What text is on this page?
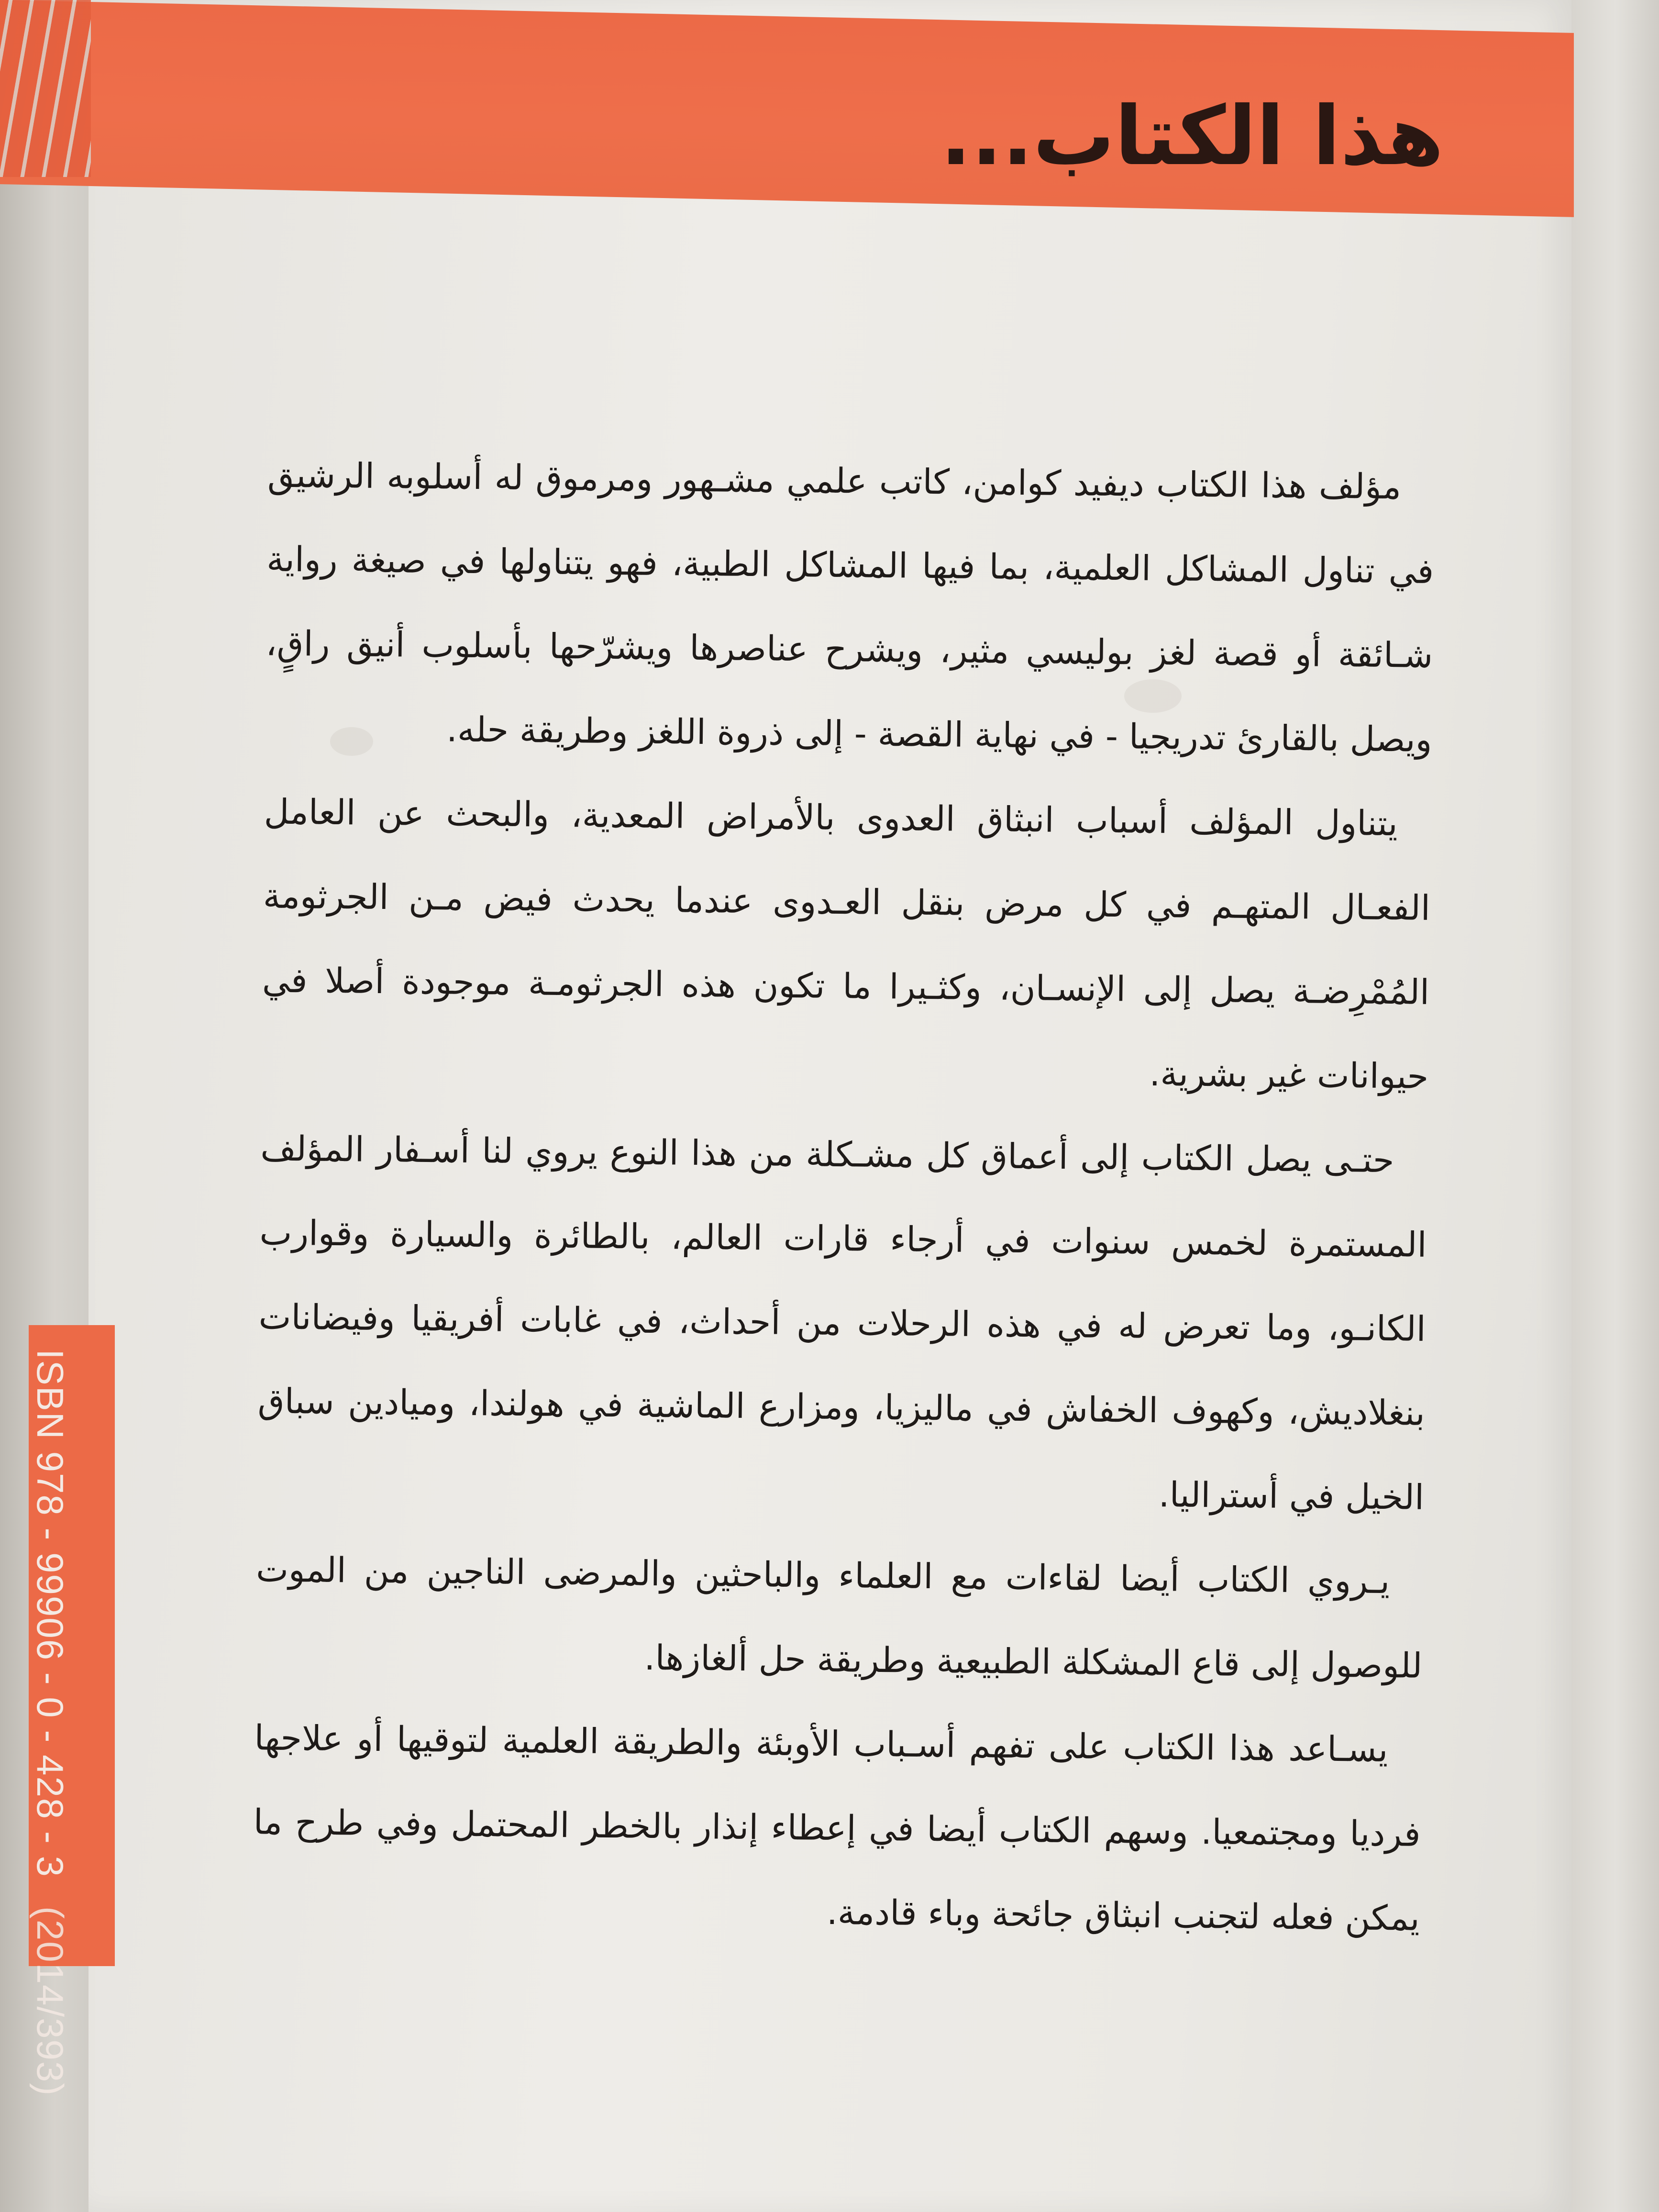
هذا الكتاب...
ISBN 978 - 99906 - 0 - 428 - 3(2014/393)

مؤلف هذا الكتاب ديفيد كوامن، كاتب علمي مشـهور ومرموق له أسلوبه الرشيق في تناول المشاكل العلمية، بما فيها المشاكل الطبية، فهو يتناولها في صيغة رواية شـائقة أو قصة لغز بوليسي مثير، ويشرح عناصرها ويشرّحها بأسلوب أنيق راقٍ، ويصل بالقارئ تدريجيا - في نهاية القصة - إلى ذروة اللغز وطريقة حله.

يتناول المؤلف أسباب انبثاق العدوى بالأمراض المعدية، والبحث عن العامل الفعـال المتهـم في كل مرض بنقل العـدوى عندما يحدث فيض مـن الجرثومة المُمْرِضـة يصل إلى الإنسـان، وكثـيرا ما تكون هذه الجرثومـة موجودة أصلا في حيوانات غير بشرية.

حتـى يصل الكتاب إلى أعماق كل مشـكلة من هذا النوع يروي لنا أسـفار المؤلف المستمرة لخمس سنوات في أرجاء قارات العالم، بالطائرة والسيارة وقوارب الكانـو، وما تعرض له في هذه الرحلات من أحداث، في غابات أفريقيا وفيضانات بنغلاديش، وكهوف الخفاش في ماليزيا، ومزارع الماشية في هولندا، وميادين سباق الخيل في أستراليا.

يـروي الكتاب أيضا لقاءات مع العلماء والباحثين والمرضى الناجين من الموت للوصول إلى قاع المشكلة الطبيعية وطريقة حل ألغازها.

يسـاعد هذا الكتاب على تفهم أسـباب الأوبئة والطريقة العلمية لتوقيها أو علاجها فرديا ومجتمعيا. وسهم الكتاب أيضا في إعطاء إنذار بالخطر المحتمل وفي طرح ما يمكن فعله لتجنب انبثاق جائحة وباء قادمة.
